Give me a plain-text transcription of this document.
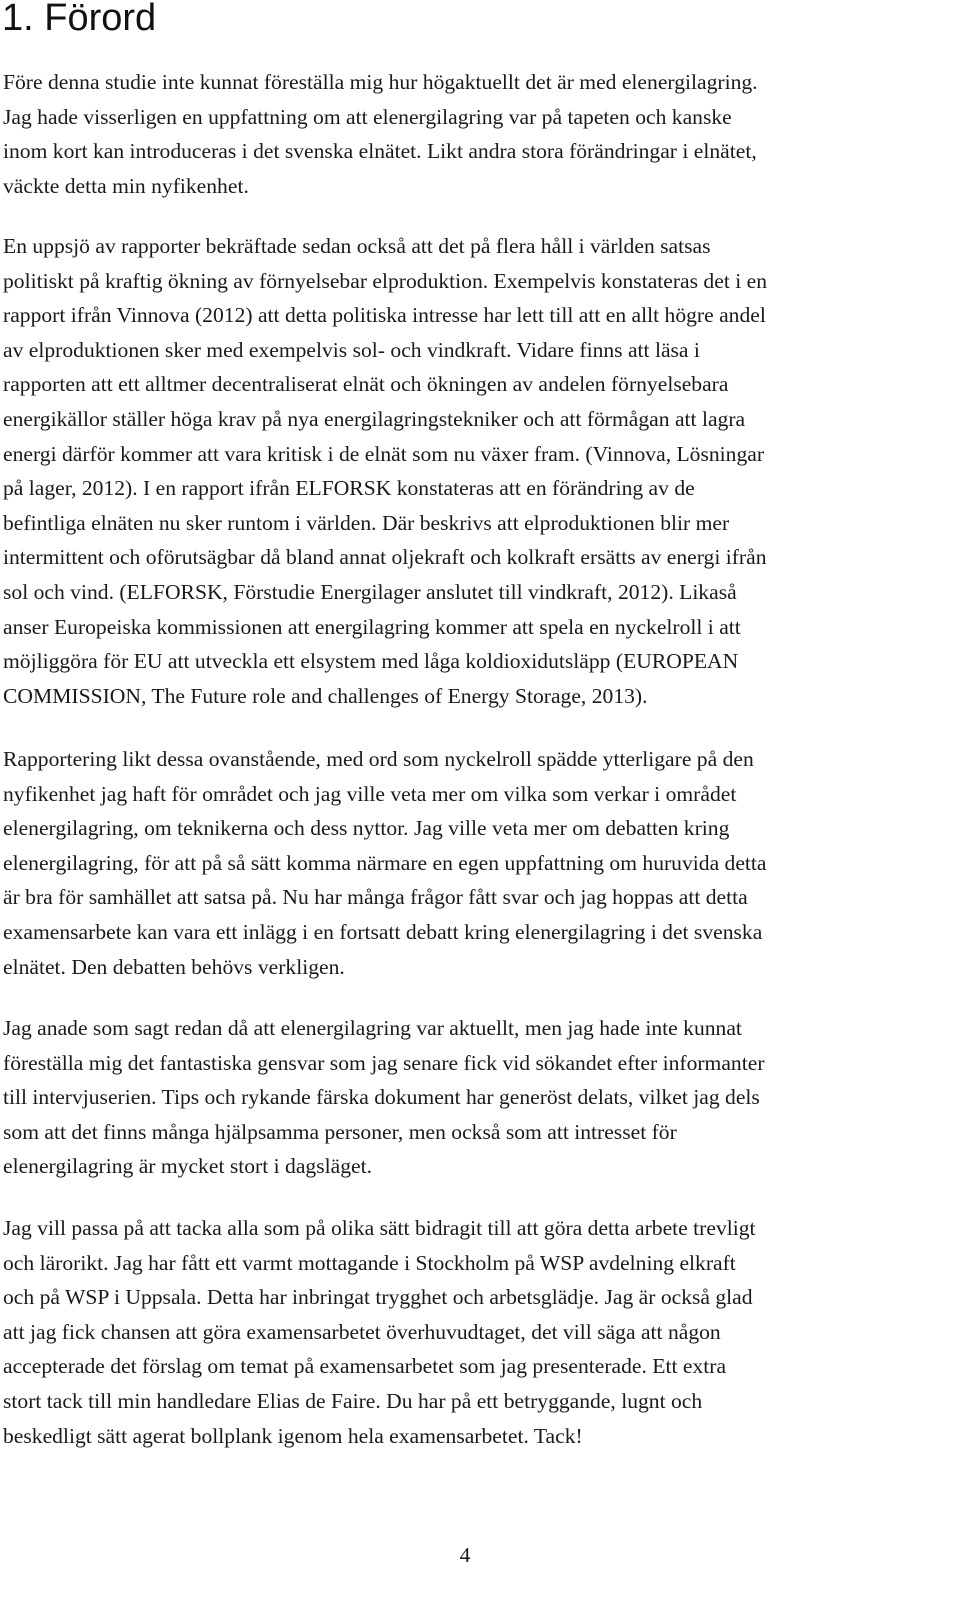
1. Förord
Före denna studie inte kunnat föreställa mig hur högaktuellt det är med elenergilagring.
Jag hade visserligen en uppfattning om att elenergilagring var på tapeten och kanske
inom kort kan introduceras i det svenska elnätet. Likt andra stora förändringar i elnätet,
väckte detta min nyfikenhet.
En uppsjö av rapporter bekräftade sedan också att det på flera håll i världen satsas
politiskt på kraftig ökning av förnyelsebar elproduktion. Exempelvis konstateras det i en
rapport ifrån Vinnova (2012) att detta politiska intresse har lett till att en allt högre andel
av elproduktionen sker med exempelvis sol- och vindkraft. Vidare finns att läsa i
rapporten att ett alltmer decentraliserat elnät och ökningen av andelen förnyelsebara
energikällor ställer höga krav på nya energilagringstekniker och att förmågan att lagra
energi därför kommer att vara kritisk i de elnät som nu växer fram. (Vinnova, Lösningar
på lager, 2012). I en rapport ifrån ELFORSK konstateras att en förändring av de
befintliga elnäten nu sker runtom i världen. Där beskrivs att elproduktionen blir mer
intermittent och oförutsägbar då bland annat oljekraft och kolkraft ersätts av energi ifrån
sol och vind. (ELFORSK, Förstudie Energilager anslutet till vindkraft, 2012). Likaså
anser Europeiska kommissionen att energilagring kommer att spela en nyckelroll i att
möjliggöra för EU att utveckla ett elsystem med låga koldioxidutsläpp (EUROPEAN
COMMISSION, The Future role and challenges of Energy Storage, 2013).
Rapportering likt dessa ovanstående, med ord som nyckelroll spädde ytterligare på den
nyfikenhet jag haft för området och jag ville veta mer om vilka som verkar i området
elenergilagring, om teknikerna och dess nyttor. Jag ville veta mer om debatten kring
elenergilagring, för att på så sätt komma närmare en egen uppfattning om huruvida detta
är bra för samhället att satsa på. Nu har många frågor fått svar och jag hoppas att detta
examensarbete kan vara ett inlägg i en fortsatt debatt kring elenergilagring i det svenska
elnätet. Den debatten behövs verkligen.
Jag anade som sagt redan då att elenergilagring var aktuellt, men jag hade inte kunnat
föreställa mig det fantastiska gensvar som jag senare fick vid sökandet efter informanter
till intervjuserien. Tips och rykande färska dokument har generöst delats, vilket jag dels
som att det finns många hjälpsamma personer, men också som att intresset för
elenergilagring är mycket stort i dagsläget.
Jag vill passa på att tacka alla som på olika sätt bidragit till att göra detta arbete trevligt
och lärorikt. Jag har fått ett varmt mottagande i Stockholm på WSP avdelning elkraft
och på WSP i Uppsala. Detta har inbringat trygghet och arbetsglädje. Jag är också glad
att jag fick chansen att göra examensarbetet överhuvudtaget, det vill säga att någon
accepterade det förslag om temat på examensarbetet som jag presenterade. Ett extra
stort tack till min handledare Elias de Faire. Du har på ett betryggande, lugnt och
beskedligt sätt agerat bollplank igenom hela examensarbetet. Tack!
4
